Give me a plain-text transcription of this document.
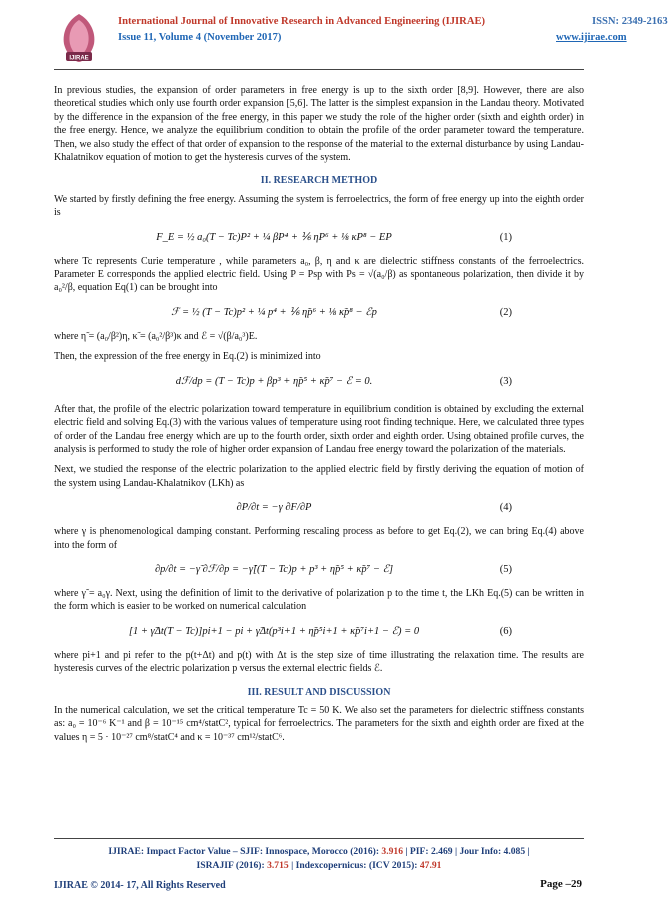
IJIRAE
International Journal of Innovative Research in Advanced Engineering (IJIRAE)	ISSN: 2349-2163
Issue 11, Volume 4 (November 2017)	www.ijirae.com

In previous studies, the expansion of order parameters in free energy is up to the sixth order [8,9]. However, there are also theoretical studies which only use fourth order expansion [5,6]. The latter is the simplest expansion in the Landau theory. Motivated by the difference in the expansion of the free energy, in this paper we study the role of the higher order (sixth and eighth order) in the free energy. Hence, we analyze the equilibrium condition to obtain the profile of the order parameter toward the temperature. Then, we also study the effect of that order of expansion to the response of the material to the external disturbance by using Landau-Khalatnikov equation of motion to get the hysteresis curves of the system.

II. RESEARCH METHOD

We started by firstly defining the free energy. Assuming the system is ferroelectrics, the form of free energy up into the eighth order is

F_E = ½ a₀(T − Tc)P² + ¼ βP⁴ + ⅙ ηP⁶ + ⅛ κP⁸ − EP	(1)

where Tc represents Curie temperature , while parameters a₀, β, η and κ are dielectric stiffness constants of the ferroelectrics. Parameter E corresponds the applied electric field. Using P = Psp with Ps = √(a₀/β) as spontaneous polarization, then divide it by a₀²/β, equation Eq(1) can be brought into

ℱ = ½ (T − Tc)p² + ¼ p⁴ + ⅙ η̃p⁶ + ⅛ κ̃p⁸ − ℰp	(2)

where η̃ = (a₀/β²)η, κ̃ = (a₀²/β³)κ and ℰ = √(β/a₀³)E.

Then, the expression of the free energy in Eq.(2) is minimized into

dℱ/dp = (T − Tc)p + βp³ + η̃p⁵ + κ̃p⁷ − ℰ = 0.	(3)

After that, the profile of the electric polarization toward temperature in equilibrium condition is obtained by excluding the external electric field and solving Eq.(3) with the various values of temperature using root finding technique. Here, we calculated three types of order of the Landau free energy which are up to the fourth order, sixth order and eighth order. Using obtained profile curves, the analysis is performed to study the role of higher order expansion of Landau free energy toward the polarization of the materials.

Next, we studied the response of the electric polarization to the applied electric field by firstly deriving the equation of motion of the system using Landau-Khalatnikov (LKh) as

∂P/∂t = −γ ∂F/∂P	(4)

where γ is phenomenological damping constant. Performing rescaling process as before to get Eq.(2), we can bring Eq.(4) above into the form of

∂p/∂t = −γ̃ ∂ℱ/∂p = −γ̃[(T − Tc)p + p³ + η̃p⁵ + κ̃p⁷ − ℰ]	(5)

where γ̃ = a₀γ. Next, using the definition of limit to the derivative of polarization p to the time t, the LKh Eq.(5) can be written in the form which is easier to be worked on numerical calculation

[1 + γ̃Δt(T − Tc)]pi+1 − pi + γ̃Δt(p³i+1 + η̃p⁵i+1 + κ̃p⁷i+1 − ℰ) = 0	(6)

where pi+1 and pi refer to the p(t+Δt) and p(t) with Δt is the step size of time illustrating the relaxation time. The results are hysteresis curves of the electric polarization p versus the external electric fields ℰ.

III. RESULT AND DISCUSSION

In the numerical calculation, we set the critical temperature Tc = 50 K. We also set the parameters for dielectric stiffness constants as: a₀ = 10⁻⁶ K⁻¹ and β = 10⁻¹⁵ cm⁴/statC², typical for ferroelectrics. The parameters for the sixth and eighth order are fixed at the values η = 5 ⋅ 10⁻²⁷ cm⁸/statC⁴ and κ = 10⁻³⁷ cm¹²/statC⁶.

IJIRAE: Impact Factor Value – SJIF: Innospace, Morocco (2016): 3.916 | PIF: 2.469 | Jour Info: 4.085 |
ISRAJIF (2016): 3.715 | Indexcopernicus: (ICV 2015): 47.91
IJIRAE © 2014- 17, All Rights Reserved	Page –29
